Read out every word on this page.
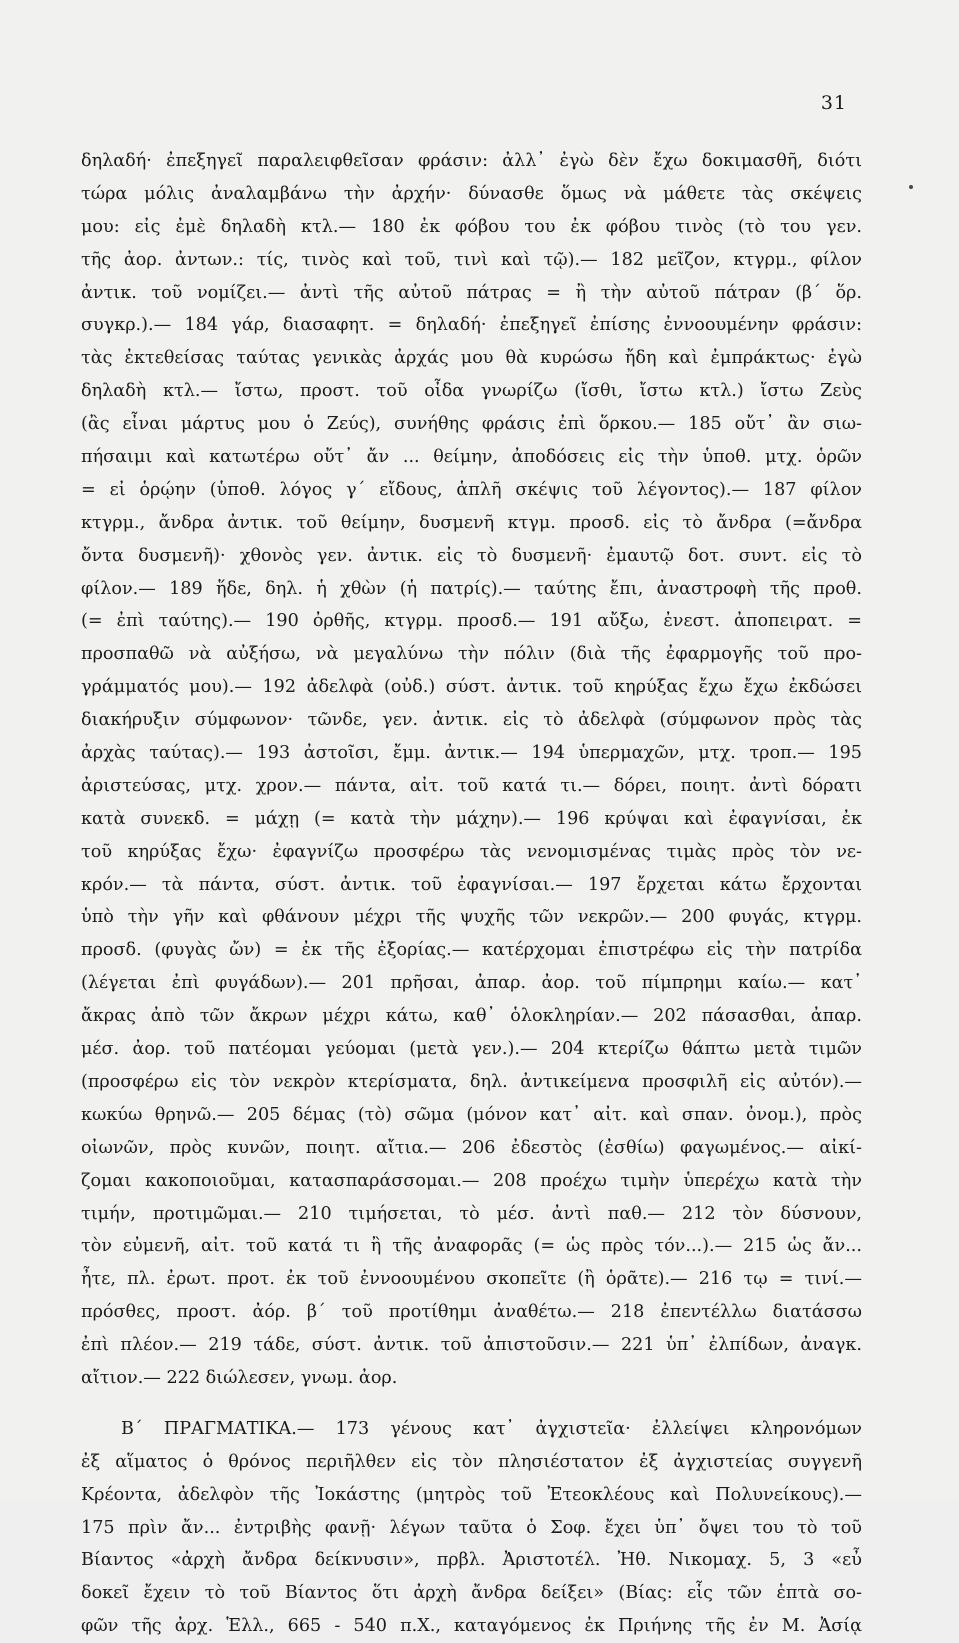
31
δηλαδή· ἐπεξηγεῖ παραλειφθεῖσαν φράσιν: ἀλλ᾽ ἐγὼ δὲν ἔχω δοκιμασθῆ, διότι
τώρα μόλις ἀναλαμβάνω τὴν ἀρχήν· δύνασθε ὅμως νὰ μάθετε τὰς σκέψεις
μου: εἰς ἐμὲ δηλαδὴ κτλ.— 180 ἐκ φόβου του ἐκ φόβου τινὸς (τὸ του γεν.
τῆς ἀορ. ἀντων.: τίς, τινὸς καὶ τοῦ, τινὶ καὶ τῷ).— 182 μεῖζον, κτγρμ., φίλον
ἀντικ. τοῦ νομίζει.— ἀντὶ τῆς αὐτοῦ πάτρας = ἢ τὴν αὐτοῦ πάτραν (β΄ ὅρ.
συγκρ.).— 184 γάρ, διασαφητ. = δηλαδή· ἐπεξηγεῖ ἐπίσης ἐννοουμένην φράσιν:
τὰς ἐκτεθείσας ταύτας γενικὰς ἀρχάς μου θὰ κυρώσω ἤδη καὶ ἐμπράκτως· ἐγὼ
δηλαδὴ κτλ.— ἴστω, προστ. τοῦ οἶδα γνωρίζω (ἴσθι, ἴστω κτλ.) ἴστω Ζεὺς
(ἂς εἶναι μάρτυς μου ὁ Ζεύς), συνήθης φράσις ἐπὶ ὅρκου.— 185 οὔτ᾽ ἂν σιω-
πήσαιμι καὶ κατωτέρω οὔτ᾽ ἄν ... θείμην, ἀποδόσεις εἰς τὴν ὑποθ. μτχ. ὁρῶν
= εἰ ὁρῴην (ὑποθ. λόγος γ΄ εἴδους, ἁπλῆ σκέψις τοῦ λέγοντος).— 187 φίλον
κτγρμ., ἄνδρα ἀντικ. τοῦ θείμην, δυσμενῆ κτγμ. προσδ. εἰς τὸ ἄνδρα (=ἄνδρα
ὄντα δυσμενῆ)· χθονὸς γεν. ἀντικ. εἰς τὸ δυσμενῆ· ἐμαυτῷ δοτ. συντ. εἰς τὸ
φίλον.— 189 ἥδε, δηλ. ἡ χθὼν (ἡ πατρίς).— ταύτης ἔπι, ἀναστροφὴ τῆς προθ.
(= ἐπὶ ταύτης).— 190 ὀρθῆς, κτγρμ. προσδ.— 191 αὔξω, ἐνεστ. ἀποπειρατ. =
προσπαθῶ νὰ αὐξήσω, νὰ μεγαλύνω τὴν πόλιν (διὰ τῆς ἐφαρμογῆς τοῦ προ-
γράμματός μου).— 192 ἀδελφὰ (οὐδ.) σύστ. ἀντικ. τοῦ κηρύξας ἔχω ἔχω ἐκδώσει
διακήρυξιν σύμφωνον· τῶνδε, γεν. ἀντικ. εἰς τὸ ἀδελφὰ (σύμφωνον πρὸς τὰς
ἀρχὰς ταύτας).— 193 ἀστοῖσι, ἔμμ. ἀντικ.— 194 ὑπερμαχῶν, μτχ. τροπ.— 195
ἀριστεύσας, μτχ. χρον.— πάντα, αἰτ. τοῦ κατά τι.— δόρει, ποιητ. ἀντὶ δόρατι
κατὰ συνεκδ. = μάχῃ (= κατὰ τὴν μάχην).— 196 κρύψαι καὶ ἐφαγνίσαι, ἐκ
τοῦ κηρύξας ἔχω· ἐφαγνίζω προσφέρω τὰς νενομισμένας τιμὰς πρὸς τὸν νε-
κρόν.— τὰ πάντα, σύστ. ἀντικ. τοῦ ἐφαγνίσαι.— 197 ἔρχεται κάτω ἔρχονται
ὑπὸ τὴν γῆν καὶ φθάνουν μέχρι τῆς ψυχῆς τῶν νεκρῶν.— 200 φυγάς, κτγρμ.
προσδ. (φυγὰς ὤν) = ἐκ τῆς ἐξορίας.— κατέρχομαι ἐπιστρέφω εἰς τὴν πατρίδα
(λέγεται ἐπὶ φυγάδων).— 201 πρῆσαι, ἀπαρ. ἀορ. τοῦ πίμπρημι καίω.— κατ᾽
ἄκρας ἀπὸ τῶν ἄκρων μέχρι κάτω, καθ᾽ ὁλοκληρίαν.— 202 πάσασθαι, ἀπαρ.
μέσ. ἀορ. τοῦ πατέομαι γεύομαι (μετὰ γεν.).— 204 κτερίζω θάπτω μετὰ τιμῶν
(προσφέρω εἰς τὸν νεκρὸν κτερίσματα, δηλ. ἀντικείμενα προσφιλῆ εἰς αὐτόν).—
κωκύω θρηνῶ.— 205 δέμας (τὸ) σῶμα (μόνον κατ᾽ αἰτ. καὶ σπαν. ὀνομ.), πρὸς
οἰωνῶν, πρὸς κυνῶν, ποιητ. αἴτια.— 206 ἐδεστὸς (ἐσθίω) φαγωμένος.— αἰκί-
ζομαι κακοποιοῦμαι, κατασπαράσσομαι.— 208 προέχω τιμὴν ὑπερέχω κατὰ τὴν
τιμήν, προτιμῶμαι.— 210 τιμήσεται, τὸ μέσ. ἀντὶ παθ.— 212 τὸν δύσνουν,
τὸν εὐμενῆ, αἰτ. τοῦ κατά τι ἢ τῆς ἀναφορᾶς (= ὡς πρὸς τόν...).— 215 ὡς ἄν...
ἦτε, πλ. ἐρωτ. προτ. ἐκ τοῦ ἐννοουμένου σκοπεῖτε (ἢ ὁρᾶτε).— 216 τῳ = τινί.—
πρόσθες, προστ. ἀόρ. β΄ τοῦ προτίθημι ἀναθέτω.— 218 ἐπεντέλλω διατάσσω
ἐπὶ πλέον.— 219 τάδε, σύστ. ἀντικ. τοῦ ἀπιστοῦσιν.— 221 ὑπ᾽ ἐλπίδων, ἀναγκ.
αἴτιον.— 222 διώλεσεν, γνωμ. ἀορ.
Β΄ ΠΡΑΓΜΑΤΙΚΑ.— 173 γένους κατ᾽ ἀγχιστεῖα· ἐλλείψει κληρονόμων
ἐξ αἵματος ὁ θρόνος περιῆλθεν εἰς τὸν πλησιέστατον ἐξ ἀγχιστείας συγγενῆ
Κρέοντα, ἀδελφὸν τῆς Ἰοκάστης (μητρὸς τοῦ Ἐτεοκλέους καὶ Πολυνείκους).—
175 πρὶν ἄν... ἐντριβὴς φανῇ· λέγων ταῦτα ὁ Σοφ. ἔχει ὑπ᾽ ὄψει του τὸ τοῦ
Βίαντος «ἀρχὴ ἄνδρα δείκνυσιν», πρβλ. Ἀριστοτέλ. Ἠθ. Νικομαχ. 5, 3 «εὖ
δοκεῖ ἔχειν τὸ τοῦ Βίαντος ὅτι ἀρχὴ ἄνδρα δείξει» (Βίας: εἷς τῶν ἑπτὰ σο-
φῶν τῆς ἀρχ. Ἑλλ., 665 - 540 π.Χ., καταγόμενος ἐκ Πριήνης τῆς ἐν Μ. Ἀσίᾳ
